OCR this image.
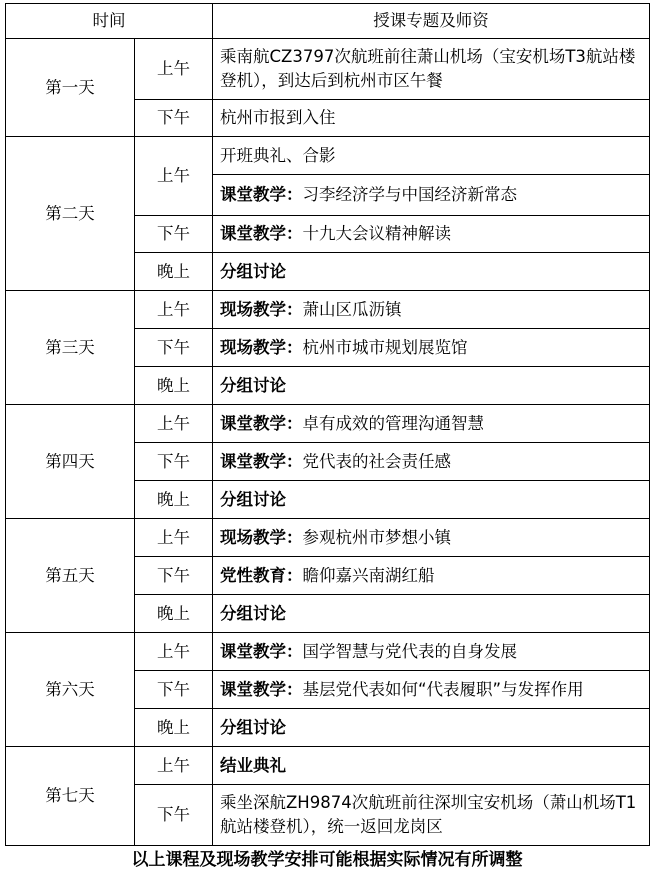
时间		授课专题及师资
第一天	上午	乘南航CZ3797次航班前往萧山机场（宝安机场T3航站楼登机），到达后到杭州市区午餐
	下午	杭州市报到入住
第二天	上午	开班典礼、合影
		课堂教学：习李经济学与中国经济新常态
	下午	课堂教学：十九大会议精神解读
	晚上	分组讨论
第三天	上午	现场教学：萧山区瓜沥镇
	下午	现场教学：杭州市城市规划展览馆
	晚上	分组讨论
第四天	上午	课堂教学：卓有成效的管理沟通智慧
	下午	课堂教学：党代表的社会责任感
	晚上	分组讨论
第五天	上午	现场教学：参观杭州市梦想小镇
	下午	党性教育：瞻仰嘉兴南湖红船
	晚上	分组讨论
第六天	上午	课堂教学：国学智慧与党代表的自身发展
	下午	课堂教学：基层党代表如何“代表履职”与发挥作用
	晚上	分组讨论
第七天	上午	结业典礼
	下午	乘坐深航ZH9874次航班前往深圳宝安机场（萧山机场T1航站楼登机），统一返回龙岗区
以上课程及现场教学安排可能根据实际情况有所调整
